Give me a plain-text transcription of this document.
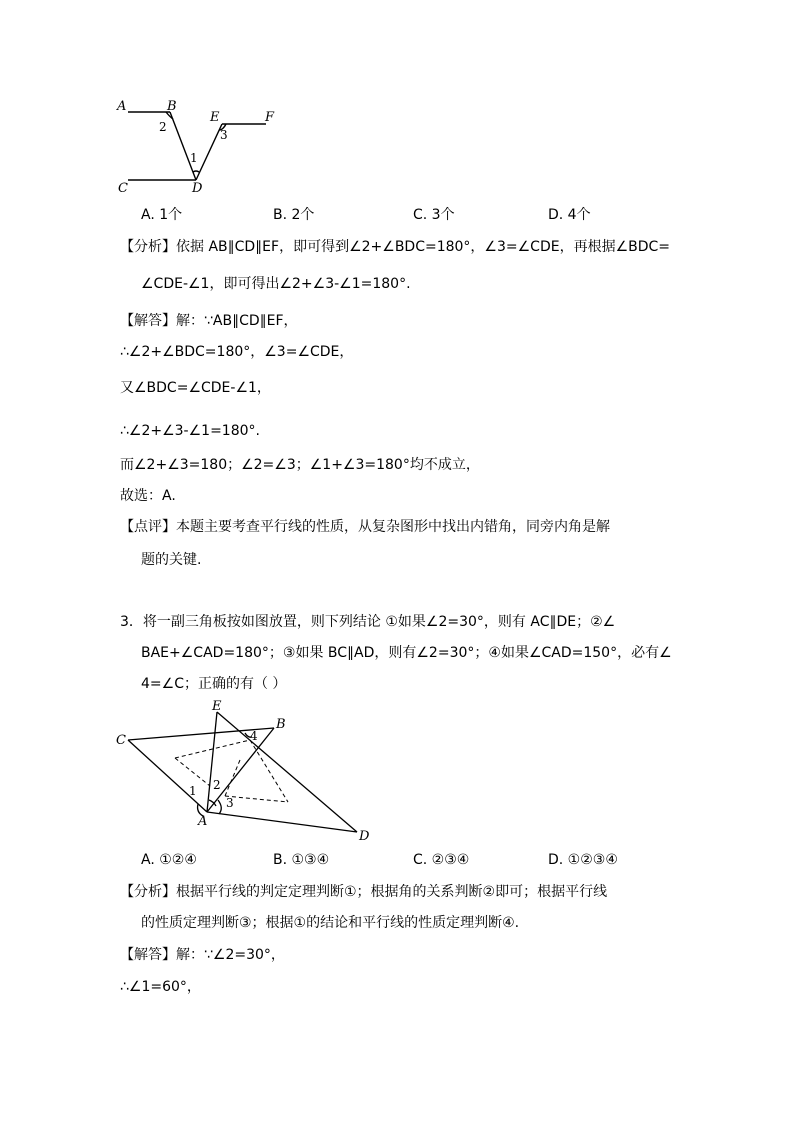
A	B
C	D
E	F
1
2
3
A. 1个	B. 2个	C. 3个	D. 4个
【分析】依据 AB∥CD∥EF，即可得到∠2+∠BDC=180°，∠3=∠CDE，再根据∠BDC=
∠CDE-∠1，即可得出∠2+∠3-∠1=180°.
【解答】解：∵AB∥CD∥EF，
∴∠2+∠BDC=180°，∠3=∠CDE，
又∠BDC=∠CDE-∠1，
∴∠2+∠3-∠1=180°.
而∠2+∠3=180；∠2=∠3；∠1+∠3=180°均不成立，
故选：A.
【点评】本题主要考查平行线的性质，从复杂图形中找出内错角，同旁内角是解
题的关键.
3．将一副三角板按如图放置，则下列结论 ①如果∠2=30°，则有 AC∥DE；②∠
BAE+∠CAD=180°；③如果 BC∥AD，则有∠2=30°；④如果∠CAD=150°，必有∠
4=∠C；正确的有（ ）
E
B
C
A
D
1 2
3
4
A. ①②④	B. ①③④	C. ②③④	D. ①②③④
【分析】根据平行线的判定定理判断①；根据角的关系判断②即可；根据平行线
的性质定理判断③；根据①的结论和平行线的性质定理判断④.
【解答】解：∵∠2=30°，
∴∠1=60°，
